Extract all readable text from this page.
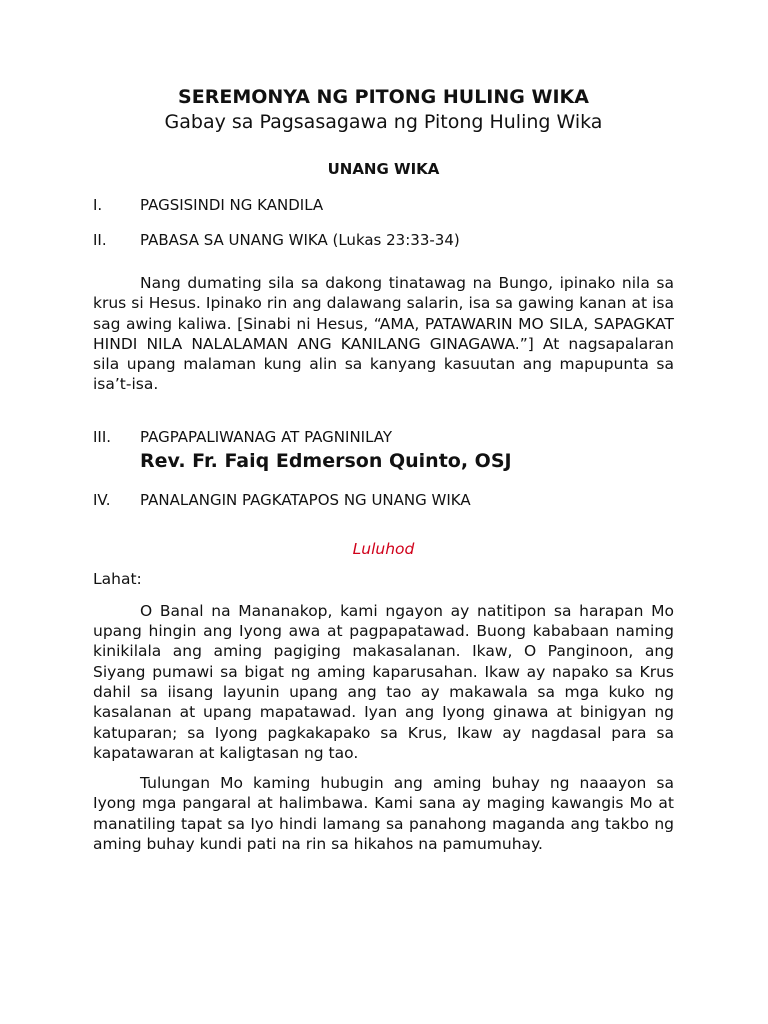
SEREMONYA NG PITONG HULING WIKA
Gabay sa Pagsasagawa ng Pitong Huling Wika
UNANG WIKA
I.	PAGSISINDI NG KANDILA
II.	PABASA SA UNANG WIKA (Lukas 23:33-34)

Nang dumating sila sa dakong tinatawag na Bungo, ipinako nila sa krus si Hesus. Ipinako rin ang dalawang salarin, isa sa gawing kanan at isa sag awing kaliwa. [Sinabi ni Hesus, “AMA, PATAWARIN MO SILA, SAPAGKAT HINDI NILA NALALAMAN ANG KANILANG GINAGAWA.”] At nagsapalaran sila upang malaman kung alin sa kanyang kasuutan ang mapupunta sa isa’t-isa.

III.	PAGPAPALIWANAG AT PAGNINILAY
Rev. Fr. Faiq Edmerson Quinto, OSJ
IV.	PANALANGIN PAGKATAPOS NG UNANG WIKA
Luluhod
Lahat:

O Banal na Mananakop, kami ngayon ay natitipon sa harapan Mo upang hingin ang Iyong awa at pagpapatawad. Buong kababaan naming kinikilala ang aming pagiging makasalanan. Ikaw, O Panginoon, ang Siyang pumawi sa bigat ng aming kaparusahan. Ikaw ay napako sa Krus dahil sa iisang layunin upang ang tao ay makawala sa mga kuko ng kasalanan at upang mapatawad. Iyan ang Iyong ginawa at binigyan ng katuparan; sa Iyong pagkakapako sa Krus, Ikaw ay nagdasal para sa kapatawaran at kaligtasan ng tao.

Tulungan Mo kaming hubugin ang aming buhay ng naaayon sa Iyong mga pangaral at halimbawa. Kami sana ay maging kawangis Mo at manatiling tapat sa Iyo hindi lamang sa panahong maganda ang takbo ng aming buhay kundi pati na rin sa hikahos na pamumuhay.
